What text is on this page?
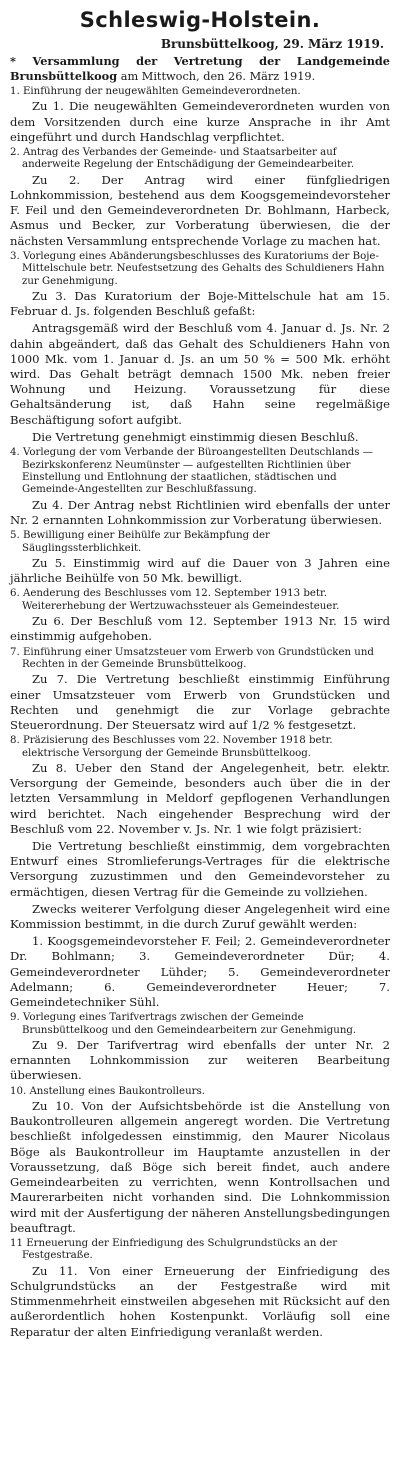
Schleswig-Holstein.
Brunsbüttelkoog, 29. März 1919.

* Versammlung der Vertretung der Landgemeinde Brunsbüttelkoog am Mittwoch, den 26. März 1919.

1. Einführung der neugewählten Gemeindeverordneten.

Zu 1. Die neugewählten Gemeindeverordneten wurden von dem Vorsitzenden durch eine kurze Ansprache in ihr Amt eingeführt und durch Handschlag verpflichtet.

2. Antrag des Verbandes der Gemeinde- und Staatsarbeiter auf anderweite Regelung der Entschädigung der Gemeindearbeiter.

Zu 2. Der Antrag wird einer fünfgliedrigen Lohnkommission, bestehend aus dem Koogsgemeindevorsteher F. Feil und den Gemeindeverordneten Dr. Bohlmann, Harbeck, Asmus und Becker, zur Vorberatung überwiesen, die der nächsten Versammlung entsprechende Vorlage zu machen hat.

3. Vorlegung eines Abänderungsbeschlusses des Kuratoriums der Boje-Mittelschule betr. Neufestsetzung des Gehalts des Schuldieners Hahn zur Genehmigung.

Zu 3. Das Kuratorium der Boje-Mittelschule hat am 15. Februar d. Js. folgenden Beschluß gefaßt:

Antragsgemäß wird der Beschluß vom 4. Januar d. Js. Nr. 2 dahin abgeändert, daß das Gehalt des Schuldieners Hahn von 1000 Mk. vom 1. Januar d. Js. an um 50 % = 500 Mk. erhöht wird. Das Gehalt beträgt demnach 1500 Mk. neben freier Wohnung und Heizung. Voraussetzung für diese Gehaltsänderung ist, daß Hahn seine regelmäßige Beschäftigung sofort aufgibt.

Die Vertretung genehmigt einstimmig diesen Beschluß.

4. Vorlegung der vom Verbande der Büroangestellten Deutschlands — Bezirkskonferenz Neumünster — aufgestellten Richtlinien über Einstellung und Entlohnung der staatlichen, städtischen und Gemeinde-Angestellten zur Beschlußfassung.

Zu 4. Der Antrag nebst Richtlinien wird ebenfalls der unter Nr. 2 ernannten Lohnkommission zur Vorberatung überwiesen.

5. Bewilligung einer Beihülfe zur Bekämpfung der Säuglingssterblichkeit.

Zu 5. Einstimmig wird auf die Dauer von 3 Jahren eine jährliche Beihülfe von 50 Mk. bewilligt.

6. Aenderung des Beschlusses vom 12. September 1913 betr. Weitererhebung der Wertzuwachssteuer als Gemeindesteuer.

Zu 6. Der Beschluß vom 12. September 1913 Nr. 15 wird einstimmig aufgehoben.

7. Einführung einer Umsatzsteuer vom Erwerb von Grundstücken und Rechten in der Gemeinde Brunsbüttelkoog.

Zu 7. Die Vertretung beschließt einstimmig Einführung einer Umsatzsteuer vom Erwerb von Grundstücken und Rechten und genehmigt die zur Vorlage gebrachte Steuerordnung. Der Steuersatz wird auf 1/2 % festgesetzt.

8. Präzisierung des Beschlusses vom 22. November 1918 betr. elektrische Versorgung der Gemeinde Brunsbüttelkoog.

Zu 8. Ueber den Stand der Angelegenheit, betr. elektr. Versorgung der Gemeinde, besonders auch über die in der letzten Versammlung in Meldorf gepflogenen Verhandlungen wird berichtet. Nach eingehender Besprechung wird der Beschluß vom 22. November v. Js. Nr. 1 wie folgt präzisiert:

Die Vertretung beschließt einstimmig, dem vorgebrachten Entwurf eines Stromlieferungs-Vertrages für die elektrische Versorgung zuzustimmen und den Gemeindevorsteher zu ermächtigen, diesen Vertrag für die Gemeinde zu vollziehen.

Zwecks weiterer Verfolgung dieser Angelegenheit wird eine Kommission bestimmt, in die durch Zuruf gewählt werden:

1. Koogsgemeindevorsteher F. Feil; 2. Gemeindeverordneter Dr. Bohlmann; 3. Gemeindeverordneter Dür; 4. Gemeindeverordneter Lühder; 5. Gemeindeverordneter Adelmann; 6. Gemeindeverordneter Heuer; 7. Gemeindetechniker Sühl.

9. Vorlegung eines Tarifvertrags zwischen der Gemeinde Brunsbüttelkoog und den Gemeindearbeitern zur Genehmigung.

Zu 9. Der Tarifvertrag wird ebenfalls der unter Nr. 2 ernannten Lohnkommission zur weiteren Bearbeitung überwiesen.

10. Anstellung eines Baukontrolleurs.

Zu 10. Von der Aufsichtsbehörde ist die Anstellung von Baukontrolleuren allgemein angeregt worden. Die Vertretung beschließt infolgedessen einstimmig, den Maurer Nicolaus Böge als Baukontrolleur im Hauptamte anzustellen in der Voraussetzung, daß Böge sich bereit findet, auch andere Gemeindearbeiten zu verrichten, wenn Kontrollsachen und Maurerarbeiten nicht vorhanden sind. Die Lohnkommission wird mit der Ausfertigung der näheren Anstellungsbedingungen beauftragt.

11 Erneuerung der Einfriedigung des Schulgrundstücks an der Festgestraße.

Zu 11. Von einer Erneuerung der Einfriedigung des Schulgrundstücks an der Festgestraße wird mit Stimmenmehrheit einstweilen abgesehen mit Rücksicht auf den außerordentlich hohen Kostenpunkt. Vorläufig soll eine Reparatur der alten Einfriedigung veranlaßt werden.
